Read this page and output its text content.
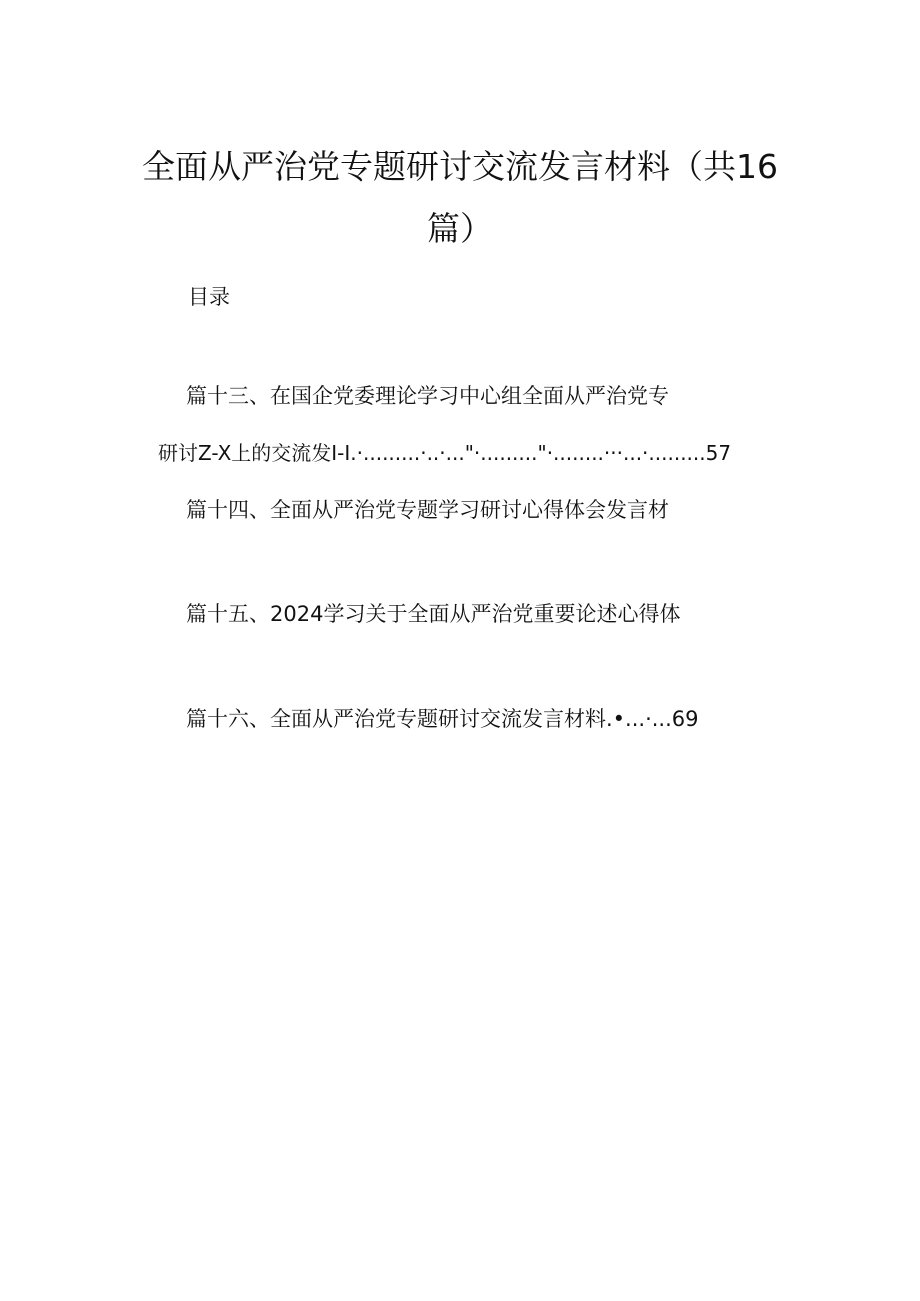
全面从严治党专题研讨交流发言材料（共16
篇）
目录
篇十三、在国企党委理论学习中心组全面从严治党专
研讨Z-X上的交流发I-I.·.........·..·..."·........."·........···...·.........57
篇十四、全面从严治党专题学习研讨心得体会发言材
篇十五、2024学习关于全面从严治党重要论述心得体
篇十六、全面从严治党专题研讨交流发言材料.•...·...69
